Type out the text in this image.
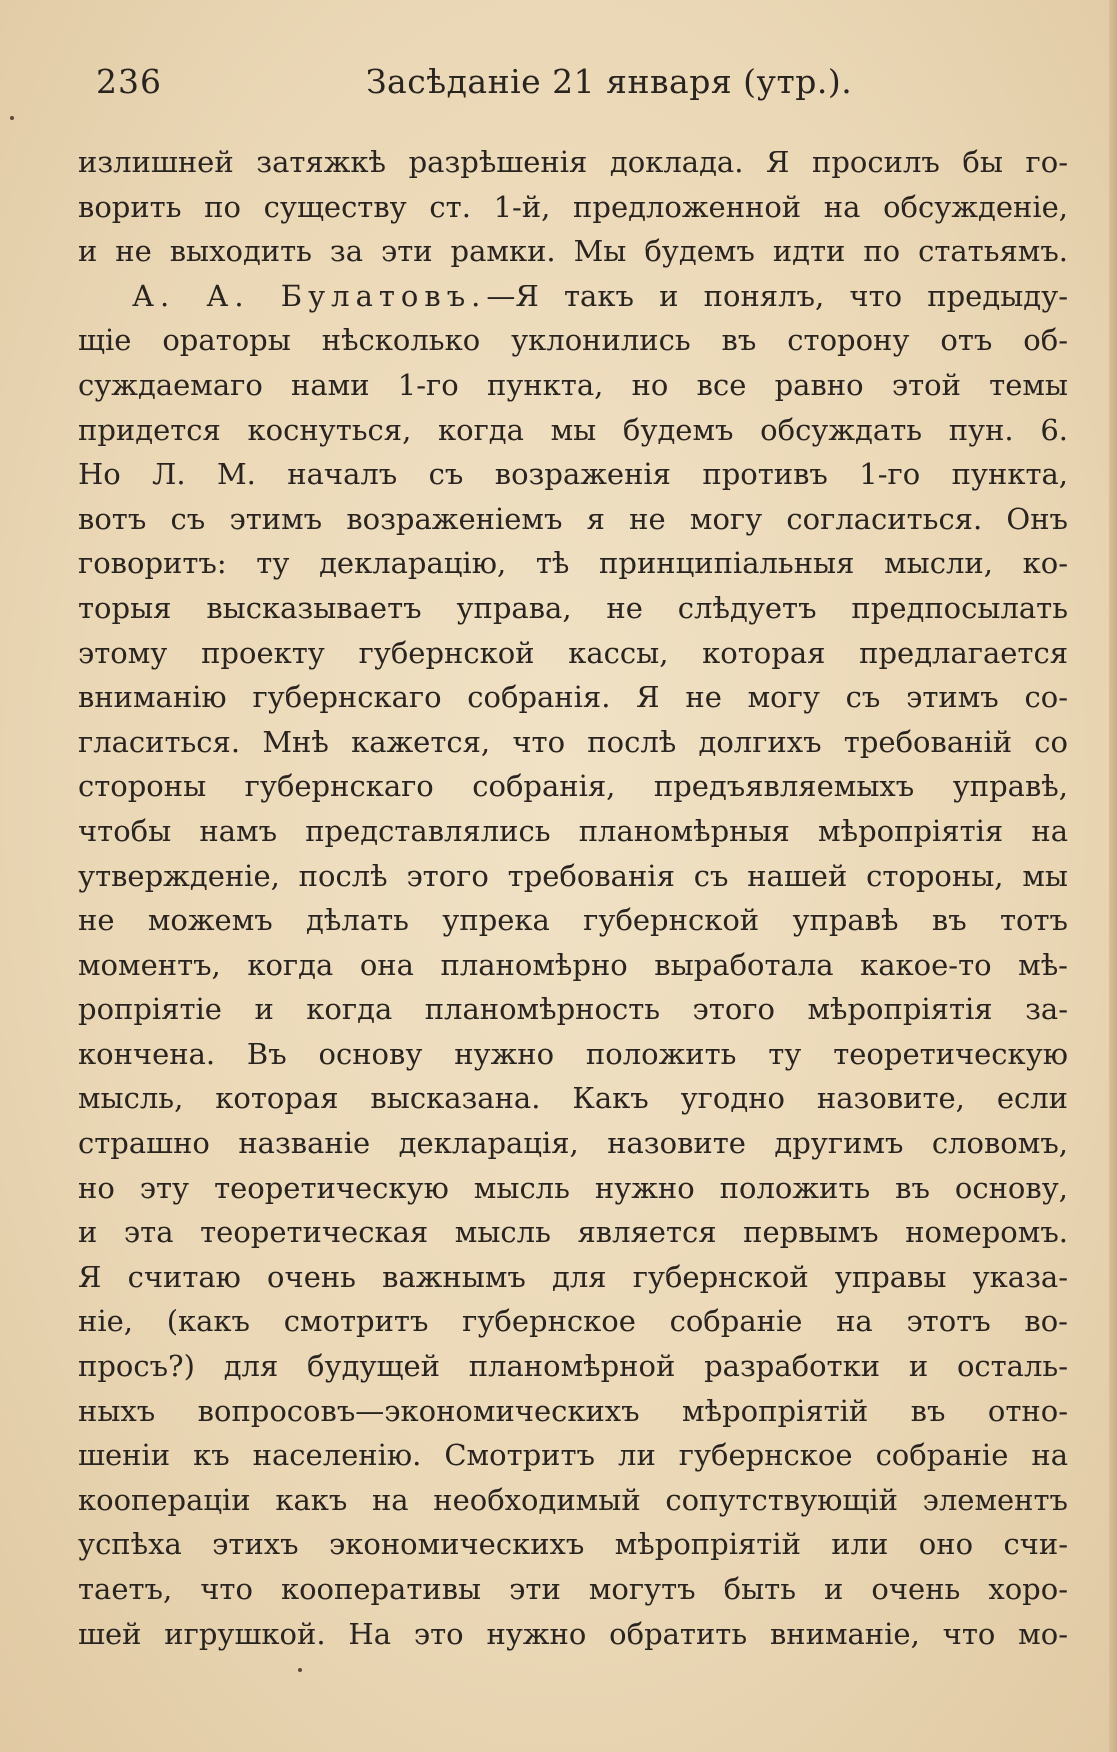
236	Засѣданіе 21 января (утр.).
излишней затяжкѣ разрѣшенія доклада. Я просилъ бы го-
ворить по существу ст. 1-й, предложенной на обсужденіе,
и не выходить за эти рамки. Мы будемъ идти по статьямъ.
А. А. Булатовъ.—Я такъ и понялъ, что предыду-
щіе ораторы нѣсколько уклонились въ сторону отъ об-
суждаемаго нами 1-го пункта, но все равно этой темы
придется коснуться, когда мы будемъ обсуждать пун. 6.
Но Л. М. началъ съ возраженія противъ 1-го пункта,
вотъ съ этимъ возраженіемъ я не могу согласиться. Онъ
говоритъ: ту декларацію, тѣ принципіальныя мысли, ко-
торыя высказываетъ управа, не слѣдуетъ предпосылать
этому проекту губернской кассы, которая предлагается
вниманію губернскаго собранія. Я не могу съ этимъ со-
гласиться. Мнѣ кажется, что послѣ долгихъ требованій со
стороны губернскаго собранія, предъявляемыхъ управѣ,
чтобы намъ представлялись планомѣрныя мѣропріятія на
утвержденіе, послѣ этого требованія съ нашей стороны, мы
не можемъ дѣлать упрека губернской управѣ въ тотъ
моментъ, когда она планомѣрно выработала какое-то мѣ-
ропріятіе и когда планомѣрность этого мѣропріятія за-
кончена. Въ основу нужно положить ту теоретическую
мысль, которая высказана. Какъ угодно назовите, если
страшно названіе декларація, назовите другимъ словомъ,
но эту теоретическую мысль нужно положить въ основу,
и эта теоретическая мысль является первымъ номеромъ.
Я считаю очень важнымъ для губернской управы указа-
ніе, (какъ смотритъ губернское собраніе на этотъ во-
просъ?) для будущей планомѣрной разработки и осталь-
ныхъ вопросовъ—экономическихъ мѣропріятій въ отно-
шеніи къ населенію. Смотритъ ли губернское собраніе на
коопераціи какъ на необходимый сопутствующій элементъ
успѣха этихъ экономическихъ мѣропріятій или оно счи-
таетъ, что кооперативы эти могутъ быть и очень хоро-
шей игрушкой. На это нужно обратить вниманіе, что мо-
